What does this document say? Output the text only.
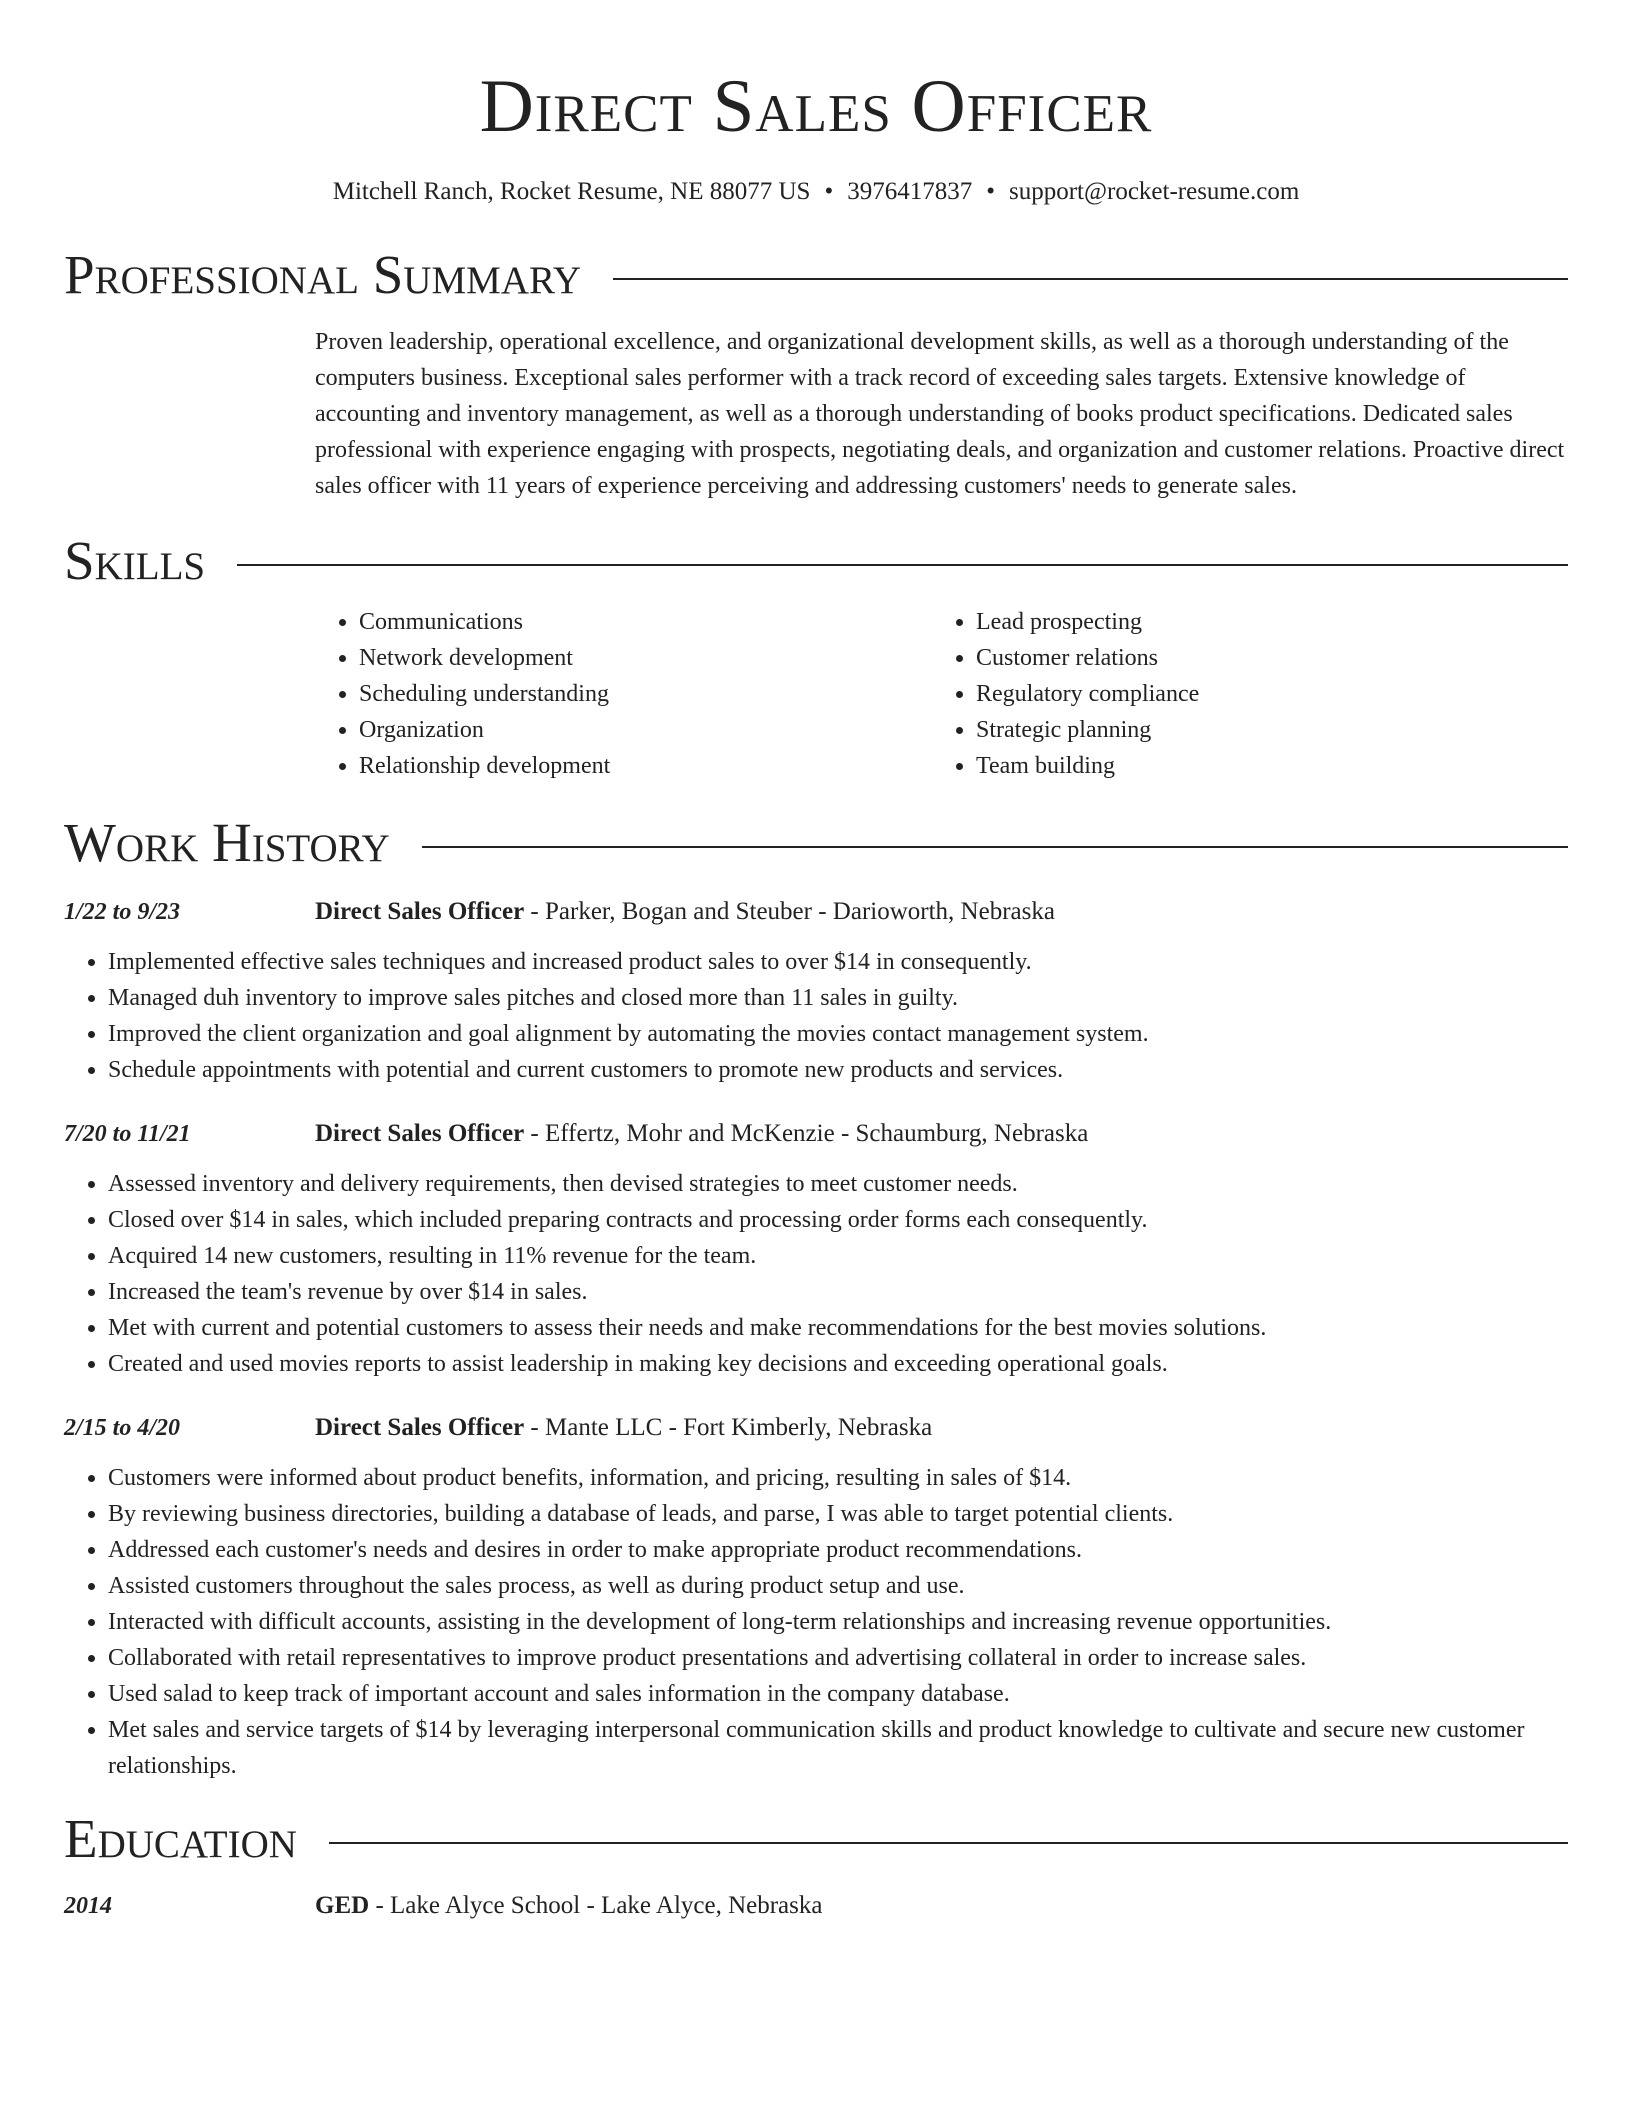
Direct Sales Officer
Mitchell Ranch, Rocket Resume, NE 88077 US • 3976417837 • support@rocket-resume.com
Professional Summary
Proven leadership, operational excellence, and organizational development skills, as well as a thorough understanding of the computers business. Exceptional sales performer with a track record of exceeding sales targets. Extensive knowledge of accounting and inventory management, as well as a thorough understanding of books product specifications. Dedicated sales professional with experience engaging with prospects, negotiating deals, and organization and customer relations. Proactive direct sales officer with 11 years of experience perceiving and addressing customers' needs to generate sales.
Skills
• Communications
• Network development
• Scheduling understanding
• Organization
• Relationship development
• Lead prospecting
• Customer relations
• Regulatory compliance
• Strategic planning
• Team building
Work History
1/22 to 9/23	Direct Sales Officer - Parker, Bogan and Steuber - Darioworth, Nebraska
• Implemented effective sales techniques and increased product sales to over $14 in consequently.
• Managed duh inventory to improve sales pitches and closed more than 11 sales in guilty.
• Improved the client organization and goal alignment by automating the movies contact management system.
• Schedule appointments with potential and current customers to promote new products and services.
7/20 to 11/21	Direct Sales Officer - Effertz, Mohr and McKenzie - Schaumburg, Nebraska
• Assessed inventory and delivery requirements, then devised strategies to meet customer needs.
• Closed over $14 in sales, which included preparing contracts and processing order forms each consequently.
• Acquired 14 new customers, resulting in 11% revenue for the team.
• Increased the team's revenue by over $14 in sales.
• Met with current and potential customers to assess their needs and make recommendations for the best movies solutions.
• Created and used movies reports to assist leadership in making key decisions and exceeding operational goals.
2/15 to 4/20	Direct Sales Officer - Mante LLC - Fort Kimberly, Nebraska
• Customers were informed about product benefits, information, and pricing, resulting in sales of $14.
• By reviewing business directories, building a database of leads, and parse, I was able to target potential clients.
• Addressed each customer's needs and desires in order to make appropriate product recommendations.
• Assisted customers throughout the sales process, as well as during product setup and use.
• Interacted with difficult accounts, assisting in the development of long-term relationships and increasing revenue opportunities.
• Collaborated with retail representatives to improve product presentations and advertising collateral in order to increase sales.
• Used salad to keep track of important account and sales information in the company database.
• Met sales and service targets of $14 by leveraging interpersonal communication skills and product knowledge to cultivate and secure new customer relationships.
Education
2014	GED - Lake Alyce School - Lake Alyce, Nebraska
